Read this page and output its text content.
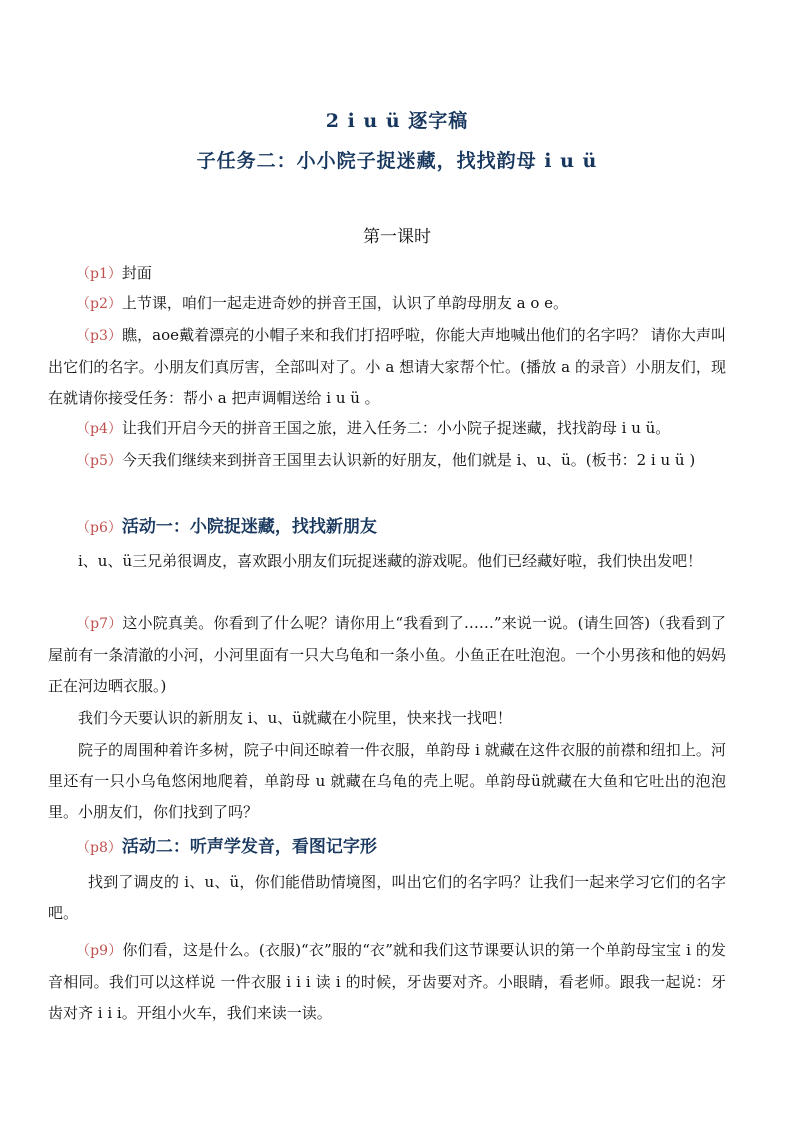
2 i u ü 逐字稿
子任务二：小小院子捉迷藏，找找韵母 i u ü
第一课时
（p1）封面
（p2）上节课，咱们一起走进奇妙的拼音王国，认识了单韵母朋友 a o e。
（p3）瞧，aoe戴着漂亮的小帽子来和我们打招呼啦，你能大声地喊出他们的名字吗？ 请你大声叫出它们的名字。小朋友们真厉害，全部叫对了。小 a 想请大家帮个忙。(播放 a 的录音）小朋友们，现在就请你接受任务：帮小 a 把声调帽送给 i u ü 。
（p4）让我们开启今天的拼音王国之旅，进入任务二：小小院子捉迷藏，找找韵母 i u ü。
（p5）今天我们继续来到拼音王国里去认识新的好朋友，他们就是 i、u、ü。(板书：2 i u ü )
（p6）活动一：小院捉迷藏，找找新朋友
i、u、ü三兄弟很调皮，喜欢跟小朋友们玩捉迷藏的游戏呢。他们已经藏好啦，我们快出发吧！
（p7）这小院真美。你看到了什么呢？请你用上“我看到了……”来说一说。(请生回答)（我看到了屋前有一条清澈的小河，小河里面有一只大乌龟和一条小鱼。小鱼正在吐泡泡。一个小男孩和他的妈妈正在河边晒衣服。)
我们今天要认识的新朋友 i、u、ü就藏在小院里，快来找一找吧！
院子的周围种着许多树，院子中间还晾着一件衣服，单韵母 i 就藏在这件衣服的前襟和纽扣上。河里还有一只小乌龟悠闲地爬着，单韵母 u 就藏在乌龟的壳上呢。单韵母ü就藏在大鱼和它吐出的泡泡里。小朋友们，你们找到了吗？
（p8）活动二：听声学发音，看图记字形
找到了调皮的 i、u、ü，你们能借助情境图，叫出它们的名字吗？让我们一起来学习它们的名字吧。
（p9）你们看，这是什么。(衣服)“衣”服的“衣”就和我们这节课要认识的第一个单韵母宝宝 i 的发音相同。我们可以这样说 一件衣服 i i i 读 i 的时候，牙齿要对齐。小眼睛，看老师。跟我一起说：牙齿对齐 i i i。开组小火车，我们来读一读。
